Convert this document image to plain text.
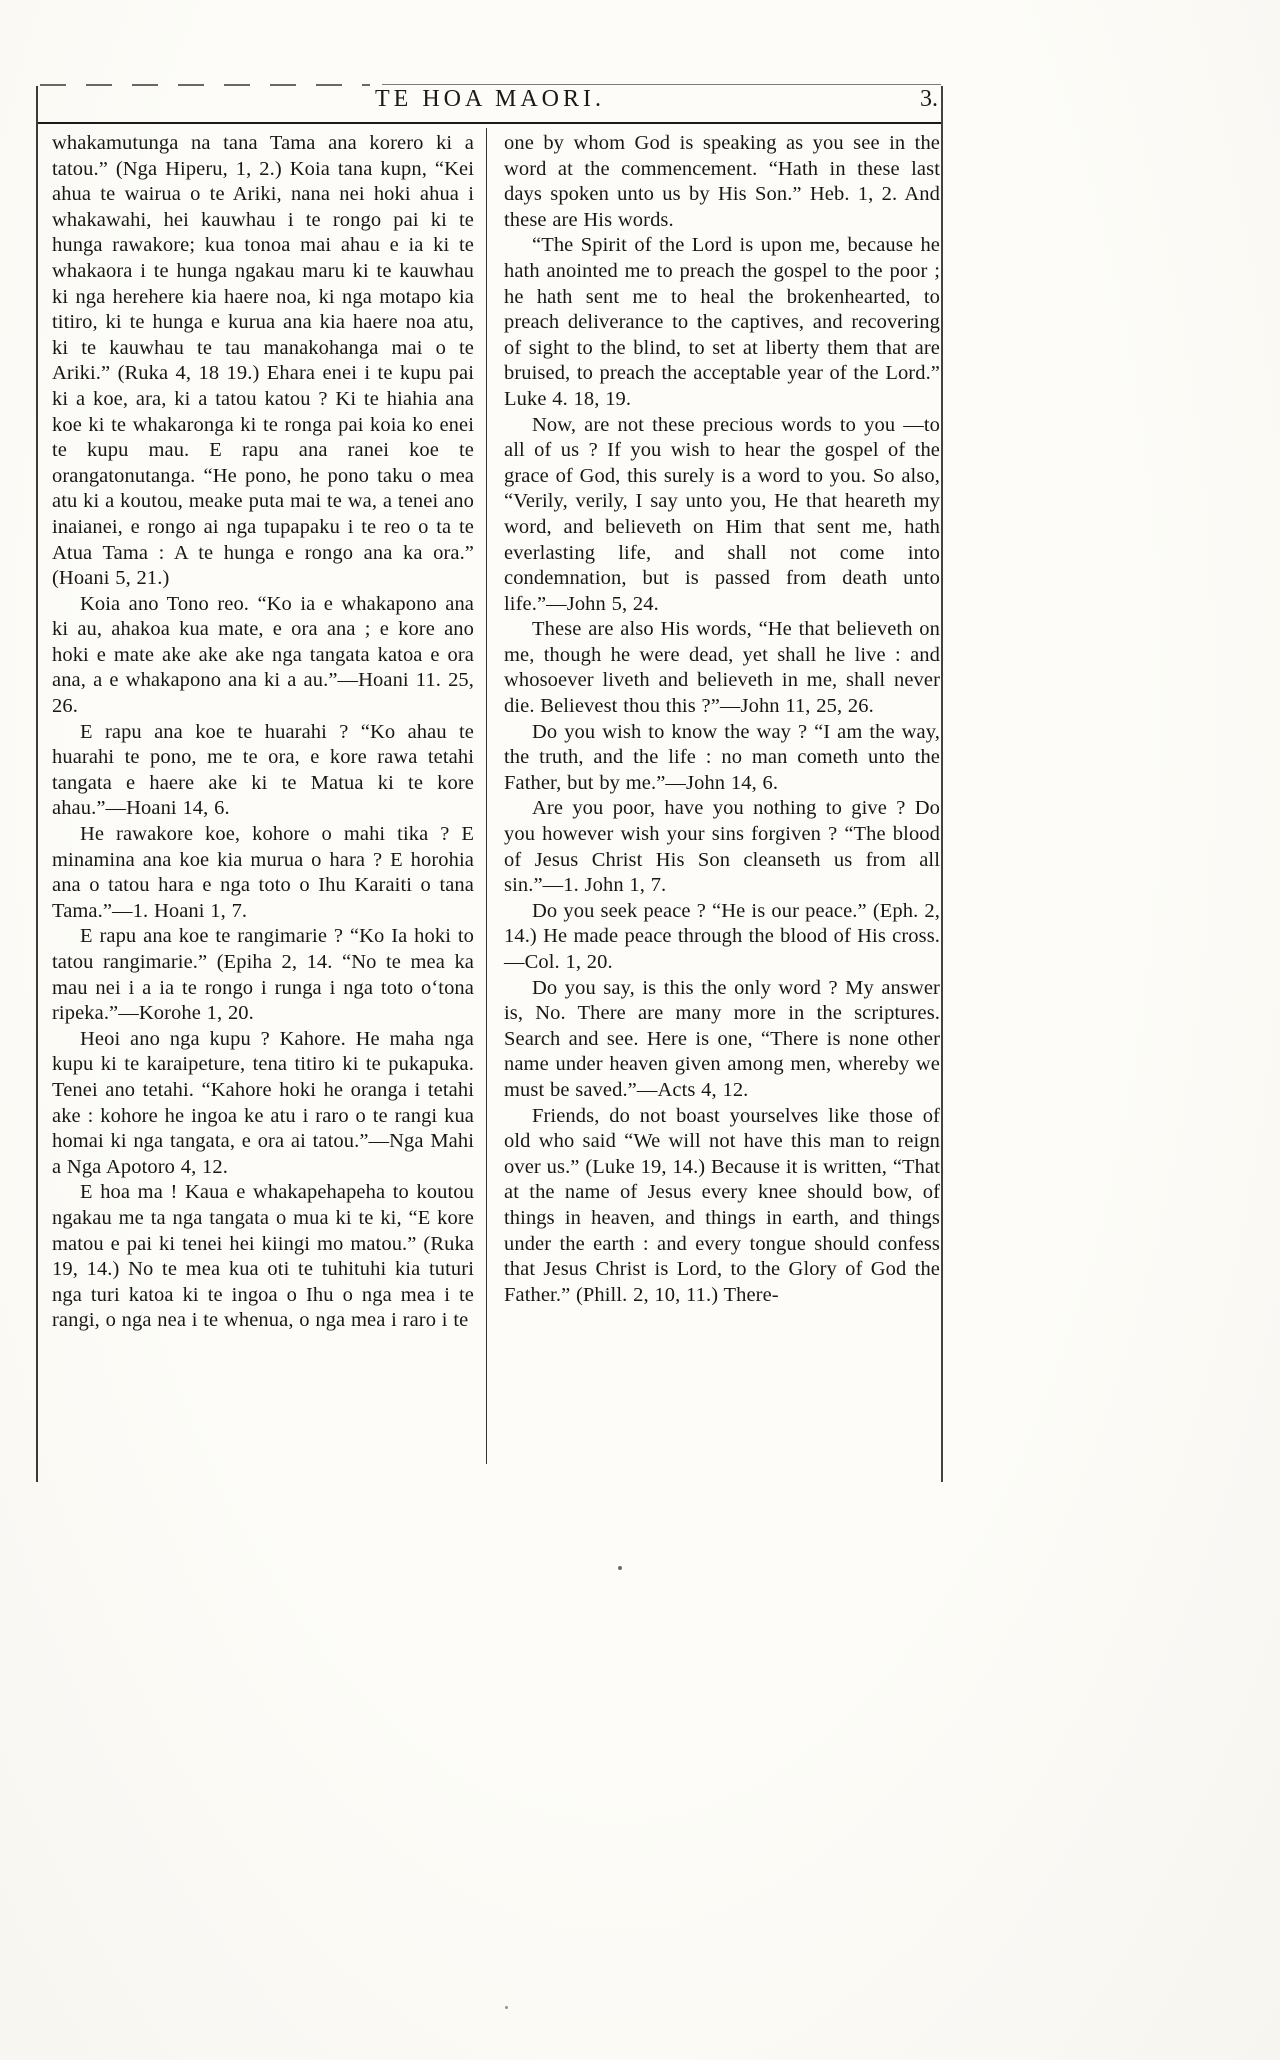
TE HOA MAORI.	3.

whakamutunga na tana Tama ana korero ki a tatou.” (Nga Hiperu, 1, 2.) Koia tana kupn, “Kei ahua te wairua o te Ariki, nana nei hoki ahua i whakawahi, hei kauwhau i te rongo pai ki te hunga rawakore; kua tonoa mai ahau e ia ki te whakaora i te hunga ngakau maru ki te kauwhau ki nga herehere kia haere noa, ki nga motapo kia titiro, ki te hunga e kurua ana kia haere noa atu, ki te kauwhau te tau manakohanga mai o te Ariki.” (Ruka 4, 18 19.) Ehara enei i te kupu pai ki a koe, ara, ki a tatou katou ? Ki te hiahia ana koe ki te whakaronga ki te ronga pai koia ko enei te kupu mau. E rapu ana ranei koe te orangatonutanga. “He pono, he pono taku o mea atu ki a koutou, meake puta mai te wa, a tenei ano inaianei, e rongo ai nga tupapaku i te reo o ta te Atua Tama : A te hunga e rongo ana ka ora.” (Hoani 5, 21.)

Koia ano Tono reo. “Ko ia e whakapono ana ki au, ahakoa kua mate, e ora ana ; e kore ano hoki e mate ake ake ake nga tangata katoa e ora ana, a e whakapono ana ki a au.”—Hoani 11. 25, 26.

E rapu ana koe te huarahi ? “Ko ahau te huarahi te pono, me te ora, e kore rawa tetahi tangata e haere ake ki te Matua ki te kore ahau.”—Hoani 14, 6.

He rawakore koe, kohore o mahi tika ? E minamina ana koe kia murua o hara ? E horohia ana o tatou hara e nga toto o Ihu Karaiti o tana Tama.”—1. Hoani 1, 7.

E rapu ana koe te rangimarie ? “Ko Ia hoki to tatou rangimarie.” (Epiha 2, 14. “No te mea ka mau nei i a ia te rongo i runga i nga toto o‘tona ripeka.”—Korohe 1, 20.

Heoi ano nga kupu ? Kahore. He maha nga kupu ki te karaipeture, tena titiro ki te pukapuka. Tenei ano tetahi. “Kahore hoki he oranga i tetahi ake : kohore he ingoa ke atu i raro o te rangi kua homai ki nga tangata, e ora ai tatou.”—Nga Mahi a Nga Apotoro 4, 12.

E hoa ma ! Kaua e whakapehapeha to koutou ngakau me ta nga tangata o mua ki te ki, “E kore matou e pai ki tenei hei kiingi mo matou.” (Ruka 19, 14.) No te mea kua oti te tuhituhi kia tuturi nga turi katoa ki te ingoa o Ihu o nga mea i te rangi, o nga nea i te whenua, o nga mea i raro i te

one by whom God is speaking as you see in the word at the commencement. “Hath in these last days spoken unto us by His Son.” Heb. 1, 2. And these are His words.

“The Spirit of the Lord is upon me, because he hath anointed me to preach the gospel to the poor ; he hath sent me to heal the brokenhearted, to preach deliverance to the captives, and recovering of sight to the blind, to set at liberty them that are bruised, to preach the acceptable year of the Lord.” Luke 4. 18, 19.

Now, are not these precious words to you —to all of us ? If you wish to hear the gospel of the grace of God, this surely is a word to you. So also, “Verily, verily, I say unto you, He that heareth my word, and believeth on Him that sent me, hath everlasting life, and shall not come into condemnation, but is passed from death unto life.”—John 5, 24.

These are also His words, “He that believeth on me, though he were dead, yet shall he live : and whosoever liveth and believeth in me, shall never die. Believest thou this ?”—John 11, 25, 26.

Do you wish to know the way ? “I am the way, the truth, and the life : no man cometh unto the Father, but by me.”—John 14, 6.

Are you poor, have you nothing to give ? Do you however wish your sins forgiven ? “The blood of Jesus Christ His Son cleanseth us from all sin.”—1. John 1, 7.

Do you seek peace ? “He is our peace.” (Eph. 2, 14.) He made peace through the blood of His cross.—Col. 1, 20.

Do you say, is this the only word ? My answer is, No. There are many more in the scriptures. Search and see. Here is one, “There is none other name under heaven given among men, whereby we must be saved.”—Acts 4, 12.

Friends, do not boast yourselves like those of old who said “We will not have this man to reign over us.” (Luke 19, 14.) Because it is written, “That at the name of Jesus every knee should bow, of things in heaven, and things in earth, and things under the earth : and every tongue should confess that Jesus Christ is Lord, to the Glory of God the Father.” (Phill. 2, 10, 11.) There-
